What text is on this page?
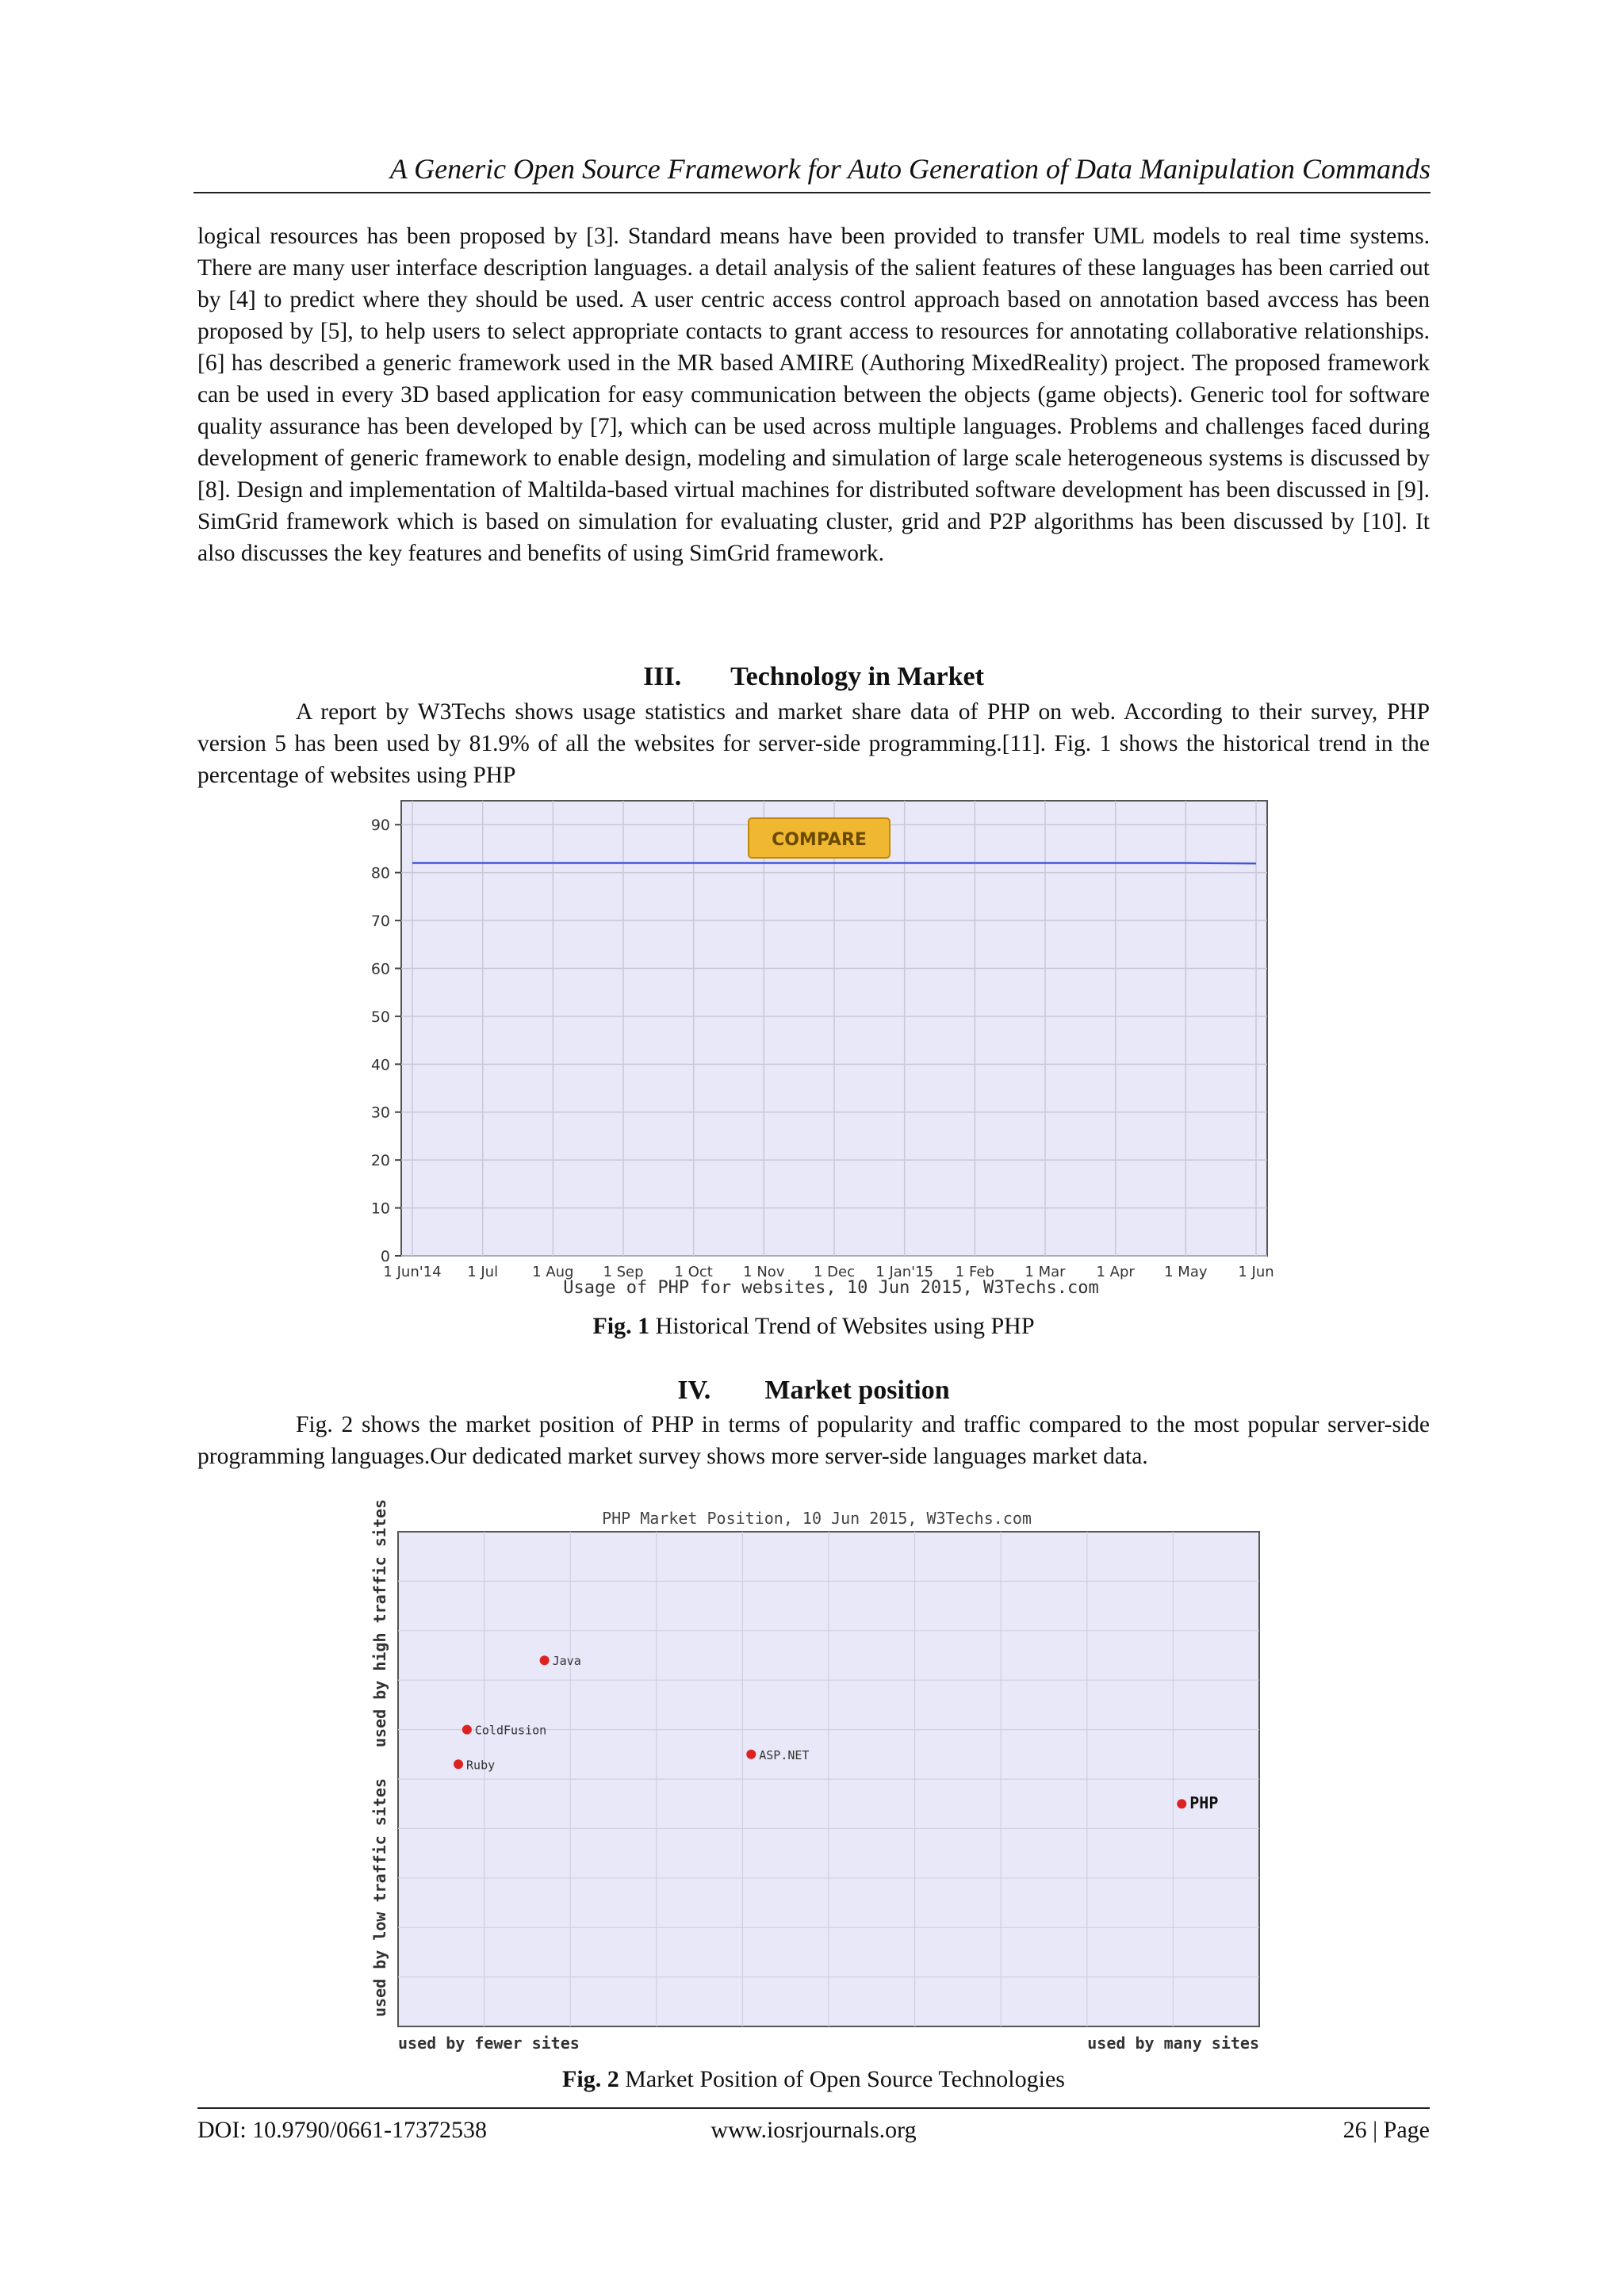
A Generic Open Source Framework for Auto Generation of Data Manipulation Commands

logical resources has been proposed by [3]. Standard means have been provided to transfer UML models to real time systems. There are many user interface description languages. a detail analysis of the salient features of these languages has been carried out by [4] to predict where they should be used. A user centric access control approach based on annotation based avccess has been proposed by [5], to help users to select appropriate contacts to grant access to resources for annotating collaborative relationships. [6] has described a generic framework used in the MR based AMIRE (Authoring MixedReality) project. The proposed framework can be used in every 3D based application for easy communication between the objects (game objects). Generic tool for software quality assurance has been developed by [7], which can be used across multiple languages. Problems and challenges faced during development of generic framework to enable design, modeling and simulation of large scale heterogeneous systems is discussed by [8]. Design and implementation of Maltilda-based virtual machines for distributed software development has been discussed in [9]. SimGrid framework which is based on simulation for evaluating cluster, grid and P2P algorithms has been discussed by [10]. It also discusses the key features and benefits of using SimGrid framework.

III. Technology in Market

A report by W3Techs shows usage statistics and market share data of PHP on web. According to their survey, PHP version 5 has been used by 81.9% of all the websites for server-side programming.[11]. Fig. 1 shows the historical trend in the percentage of websites using PHP

0
10
20
30
40
50
60
70
80
90
1 Jun'14 1 Jul 1 Aug 1 Sep 1 Oct 1 Nov 1 Dec 1 Jan'15 1 Feb 1 Mar 1 Apr 1 May 1 Jun
COMPARE
Usage of PHP for websites, 10 Jun 2015, W3Techs.com
Fig. 1 Historical Trend of Websites using PHP
IV. Market position

Fig. 2 shows the market position of PHP in terms of popularity and traffic compared to the most popular server-side programming languages.Our dedicated market survey shows more server-side languages market data.

PHP Market Position, 10 Jun 2015, W3Techs.com
Java
ColdFusion
Ruby
ASP.NET
PHP
used by low traffic sites
used by high traffic sites
used by fewer sites	used by many sites
Fig. 2 Market Position of Open Source Technologies
DOI: 10.9790/0661-17372538	www.iosrjournals.org	26 | Page
